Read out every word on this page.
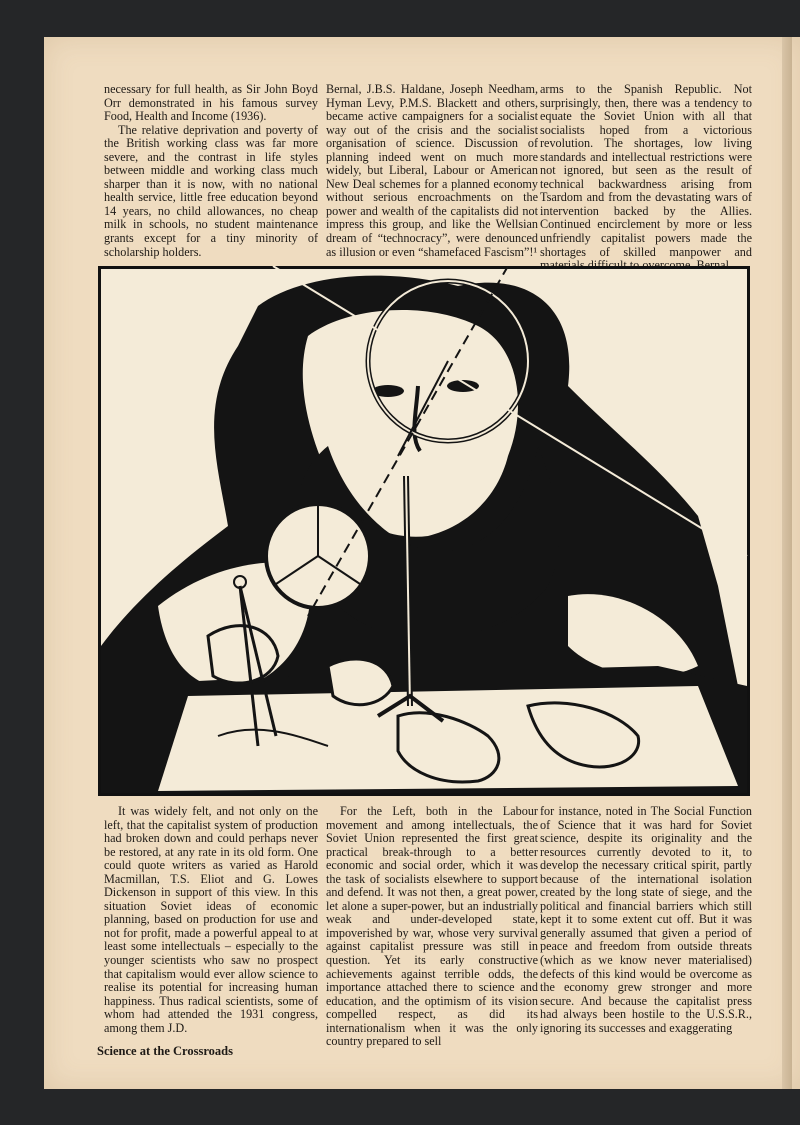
necessary for full health, as Sir John Boyd Orr demonstrated in his famous survey Food, Health and Income (1936).

The relative deprivation and poverty of the British working class was far more severe, and the contrast in life styles between middle and working class much sharper than it is now, with no national health service, little free education beyond 14 years, no child allowances, no cheap milk in schools, no student maintenance grants except for a tiny minority of scholarship holders.

Bernal, J.B.S. Haldane, Joseph Needham, Hyman Levy, P.M.S. Blackett and others, became active campaigners for a socialist way out of the crisis and the socialist organisation of science. Discussion of planning indeed went on much more widely, but Liberal, Labour or American New Deal schemes for a planned economy without serious encroachments on the power and wealth of the capitalists did not impress this group, and like the Wellsian dream of “technocracy”, were denounced as illusion or even “shamefaced Fascism”!¹

arms to the Spanish Republic. Not surprisingly, then, there was a tendency to equate the Soviet Union with all that socialists hoped from a victorious revolution. The shortages, low living standards and intellectual restrictions were not ignored, but seen as the result of technical backwardness arising from Tsardom and from the devastating wars of intervention backed by the Allies. Continued encirclement by more or less unfriendly capitalist powers made the shortages of skilled manpower and

It was widely felt, and not only on the left, that the capitalist system of production had broken down and could perhaps never be restored, at any rate in its old form. One could quote writers as varied as Harold Macmillan, T.S. Eliot and G. Lowes Dickenson in support of this view. In this situation Soviet ideas of economic planning, based on production for use and not for profit, made a powerful appeal to at least some intellectuals – especially to the younger scientists who saw no prospect that capitalism would ever allow science to realise its potential for increasing human happiness. Thus radical scientists, some of whom had attended the 1931 congress, among them J.D.

For the Left, both in the Labour movement and among intellectuals, the Soviet Union represented the first great practical break-through to a better economic and social order, which it was the task of socialists elsewhere to support and defend. It was not then, a great power, let alone a super-power, but an industrially weak and under-developed state, impoverished by war, whose very survival against capitalist pressure was still in question. Yet its early constructive achievements against terrible odds, the importance attached there to science and education, and the optimism of its vision compelled respect, as did its internationalism when it was the only country prepared to sell

for instance, noted in The Social Function of Science that it was hard for Soviet science, despite its originality and the resources currently devoted to it, to develop the necessary critical spirit, partly because of the international isolation created by the long state of siege, and the political and financial barriers which still kept it to some extent cut off. But it was generally assumed that given a period of peace and freedom from outside threats (which as we know never materialised) defects of this kind would be overcome as the economy grew stronger and more secure. And because the capitalist press had always been hostile to the U.S.S.R., ignoring its successes and exaggerating

Science at the Crossroads
